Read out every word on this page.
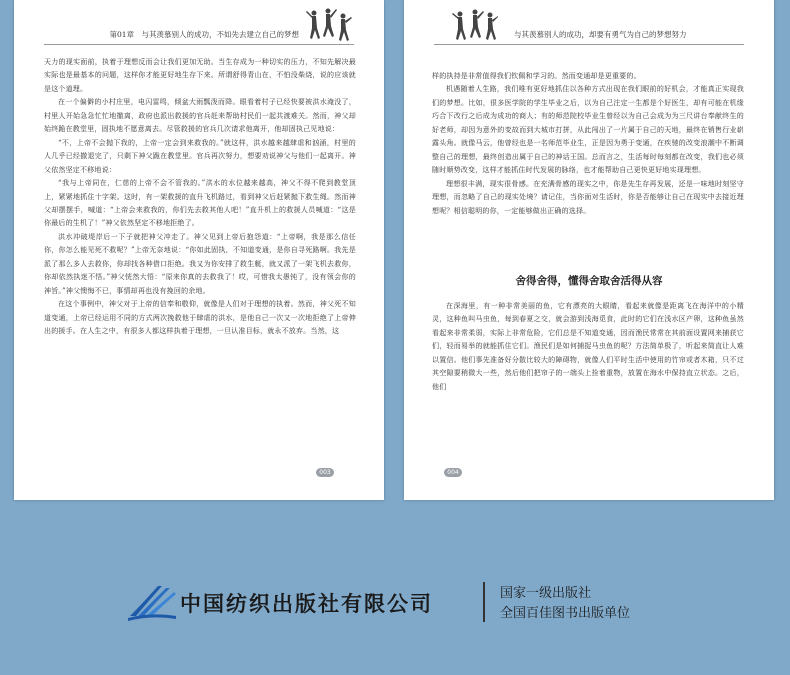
第01章　与其羡慕别人的成功，不如先去建立自己的梦想

天力的现实面前，执着于理想反而会让我们更加无助。当生存成为一种切实的压力，不知先解决最实际也是最基本的问题，这样你才能更好地生存下来。所谓舒得青山在，不怕没柴烧，说的应该就是这个道理。

在一个偏僻的小村庄里，电闪雷鸣，倾盆大雨瓢泼而降。眼看着村子已经快要被洪水淹没了，村里人开始急急忙忙地撤离，政府也派出救援的官兵赶来帮助村民们一起共渡难关。然而，神父却始终跪在教堂里，固执地不愿意离去。尽管救援的官兵几次请求他离开，他却固执己见地说：

“不，上帝不会抛下我的，上帝一定会到来救我的。”就这样，洪水越来越肆虐和汹涌，村里的人几乎已经撤退完了，只剩下神父跪在教堂里。官兵再次努力，想要劝说神父与他们一起离开。神父依然坚定不移地说：

“我与上帝同在，仁慈的上帝不会不管我的。”洪水的水位越来越高，神父不得不爬到教堂顶上，紧紧地抓住十字架。这时，有一架救援的直升飞机路过，看到神父后赶紧抛下救生绳。然而神父却摆摆手，喊道：“上帝会来救我的，你们先去救其他人吧！”直升机上的救援人员喊道：“这是你最后的生机了！”神父依然坚定不移地拒绝了。

洪水冲破堤岸后一下子就把神父冲走了。神父见到上帝后抱怨道：“上帝啊，我是那么信任你，你怎么能见死不救呢？”上帝无奈地说：“你如此固执，不知道变通，是你自寻死路啊。我先是派了那么多人去救你，你却找各种借口拒绝。我又为你安排了救生艇，就又派了一架飞机去救你，你却依然执迷不悟。”神父恍然大悟：“原来你真的去救我了！哎，可惜我太愚钝了，没有领会你的神旨。”神父懊悔不已，事情却再也没有挽回的余地。

在这个事例中，神父对于上帝的信奉和敬仰，就像是人们对于理想的执着。然而，神父死不知道变通，上帝已经运用不同的方式两次挽救他于肆虐的洪水，是他自己一次又一次地拒绝了上帝伸出的援手。在人生之中，有很多人都这样执着于理想，一旦认准目标，就永不放弃。当然，这

003
与其羡慕别人的成功，却要有勇气为自己的梦想努力

样的执持是非常值得我们钦佩和学习的。然而变通却是更重要的。

机遇随着人生路，我们唯有更好地抓住以各种方式出现在我们眼前的好机会，才能真正实现我们的梦想。比如，很多医学院的学生毕业之后，以为自己注定一生都是个好医生，却有可能在机缘巧合下改行之后成为成功的商人；有的师范院校毕业生曾经以为自己会成为为三尺讲台奉献终生的好老师，却因为意外的变故而到大城市打拼，从此闯出了一片属于自己的天地，最终在销售行业崭露头角。就像马云，他曾经也是一名师范毕业生，正是因为勇于变通，在疾驰的改变浪潮中不断调整自己的理想，最终创造出属于自己的神话王国。总而言之，生活每时每刻都在改变，我们也必须随时顺势改变，这样才能抓住时代发展的脉络，也才能帮助自己更快更好地实现理想。

理想很丰满，现实很骨感。在充满骨感的现实之中，你是先生存再发展，还是一味地时刻坚守理想，而忽略了自己的现实处境？请记住，当你面对生活时，你是否能够让自己在现实中去接近理想呢？相信聪明的你，一定能够做出正确的选择。

舍得舍得，懂得舍取舍活得从容

在深海里，有一种非常美丽的鱼，它有漂亮的大眼睛，看起来就像是距离飞在海洋中的小精灵，这种鱼叫马虫鱼，每到春夏之交，就会游到浅海觅食，此时的它们在浅水区产卵，这种鱼虽然看起来非常柔弱，实际上非常危险，它们总是不知道变通，因而渔民常常在其前面设置网来捕获它们，轻而易举的就能抓住它们。渔民们是如何捕捉马虫鱼的呢？方法简单极了，听起来简直让人难以置信。他们事先准备好分散比较大的障碍物，就像人们平时生活中使用的竹帘或者木箱，只不过其空隙要稍微大一些，然后他们把帘子的一端头上拴着重物，放置在海水中保持直立状态。之后，他们

004
中国纺织出版社有限公司	国家一级出版社
全国百佳图书出版单位
